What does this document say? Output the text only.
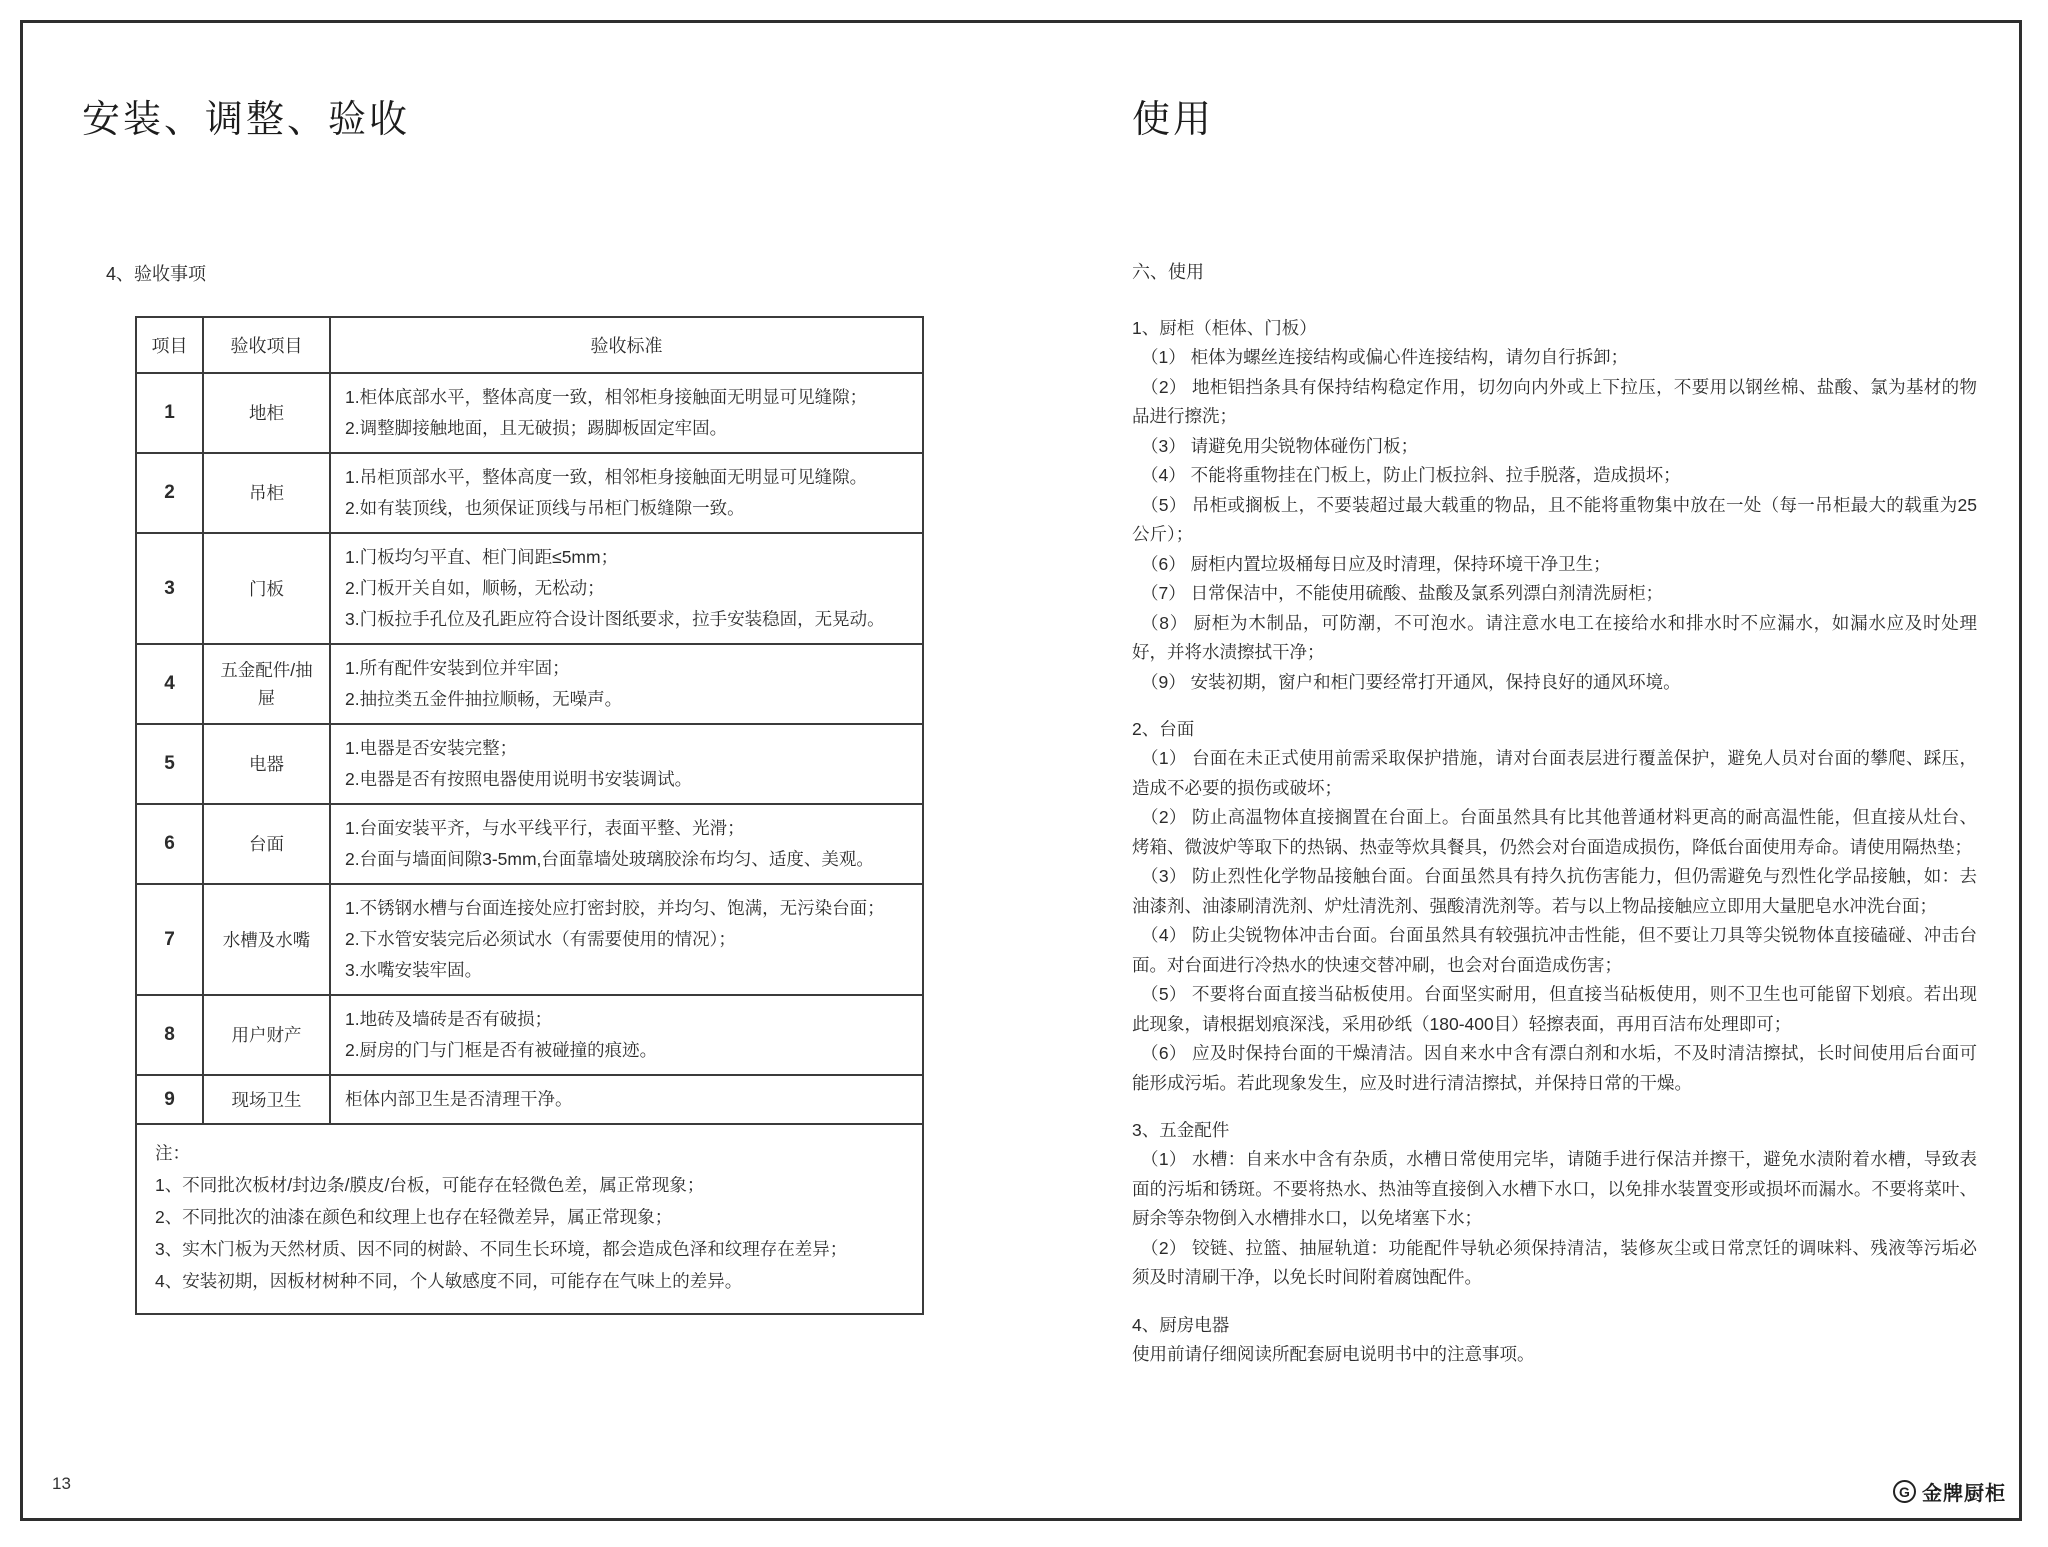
安装、调整、验收	使用
4、验收事项
项目	验收项目	验收标准
1	地柜	1.柜体底部水平，整体高度一致，相邻柜身接触面无明显可见缝隙；
2.调整脚接触地面，且无破损；踢脚板固定牢固。

2	吊柜	1.吊柜顶部水平，整体高度一致，相邻柜身接触面无明显可见缝隙。
2.如有装顶线，也须保证顶线与吊柜门板缝隙一致。

3	门板	1.门板均匀平直、柜门间距≤5mm；
2.门板开关自如，顺畅，无松动；
3.门板拉手孔位及孔距应符合设计图纸要求，拉手安装稳固，无晃动。

4	五金配件/抽屉	1.所有配件安装到位并牢固；
2.抽拉类五金件抽拉顺畅，无噪声。

5	电器	1.电器是否安装完整；
2.电器是否有按照电器使用说明书安装调试。

6	台面	1.台面安装平齐，与水平线平行，表面平整、光滑；
2.台面与墙面间隙3-5mm,台面靠墙处玻璃胶涂布均匀、适度、美观。

7	水槽及水嘴	1.不锈钢水槽与台面连接处应打密封胶，并均匀、饱满，无污染台面；
2.下水管安装完后必须试水（有需要使用的情况）；
3.水嘴安装牢固。

8	用户财产	1.地砖及墙砖是否有破损；
2.厨房的门与门框是否有被碰撞的痕迹。

9	现场卫生	柜体内部卫生是否清理干净。

注：
1、不同批次板材/封边条/膜皮/台板，可能存在轻微色差，属正常现象；
2、不同批次的油漆在颜色和纹理上也存在轻微差异，属正常现象；
3、实木门板为天然材质、因不同的树龄、不同生长环境，都会造成色泽和纹理存在差异；
4、安装初期，因板材树种不同，个人敏感度不同，可能存在气味上的差异。		
六、使用
1、厨柜（柜体、门板）

（1） 柜体为螺丝连接结构或偏心件连接结构，请勿自行拆卸；

（2） 地柜铝挡条具有保持结构稳定作用，切勿向内外或上下拉压，不要用以钢丝棉、盐酸、氯为基材的物品进行擦洗；

（3） 请避免用尖锐物体碰伤门板；

（4） 不能将重物挂在门板上，防止门板拉斜、拉手脱落，造成损坏；

（5） 吊柜或搁板上，不要装超过最大载重的物品，且不能将重物集中放在一处（每一吊柜最大的载重为25公斤）；

（6） 厨柜内置垃圾桶每日应及时清理，保持环境干净卫生；

（7） 日常保洁中，不能使用硫酸、盐酸及氯系列漂白剂清洗厨柜；

（8） 厨柜为木制品，可防潮，不可泡水。请注意水电工在接给水和排水时不应漏水，如漏水应及时处理好，并将水渍擦拭干净；

（9） 安装初期，窗户和柜门要经常打开通风，保持良好的通风环境。

2、台面

（1） 台面在未正式使用前需采取保护措施，请对台面表层进行覆盖保护，避免人员对台面的攀爬、踩压，造成不必要的损伤或破坏；

（2） 防止高温物体直接搁置在台面上。台面虽然具有比其他普通材料更高的耐高温性能，但直接从灶台、烤箱、微波炉等取下的热锅、热壶等炊具餐具，仍然会对台面造成损伤，降低台面使用寿命。请使用隔热垫；

（3） 防止烈性化学物品接触台面。台面虽然具有持久抗伤害能力，但仍需避免与烈性化学品接触，如：去油漆剂、油漆刷清洗剂、炉灶清洗剂、强酸清洗剂等。若与以上物品接触应立即用大量肥皂水冲洗台面；

（4） 防止尖锐物体冲击台面。台面虽然具有较强抗冲击性能，但不要让刀具等尖锐物体直接磕碰、冲击台面。对台面进行冷热水的快速交替冲刷，也会对台面造成伤害；

（5） 不要将台面直接当砧板使用。台面坚实耐用，但直接当砧板使用，则不卫生也可能留下划痕。若出现此现象，请根据划痕深浅，采用砂纸（180-400目）轻擦表面，再用百洁布处理即可；

（6） 应及时保持台面的干燥清洁。因自来水中含有漂白剂和水垢，不及时清洁擦拭，长时间使用后台面可能形成污垢。若此现象发生，应及时进行清洁擦拭，并保持日常的干燥。

3、五金配件

（1） 水槽：自来水中含有杂质，水槽日常使用完毕，请随手进行保洁并擦干，避免水渍附着水槽，导致表面的污垢和锈斑。不要将热水、热油等直接倒入水槽下水口，以免排水装置变形或损坏而漏水。不要将菜叶、厨余等杂物倒入水槽排水口，以免堵塞下水；

（2） 铰链、拉篮、抽屉轨道：功能配件导轨必须保持清洁，装修灰尘或日常烹饪的调味料、残液等污垢必须及时清刷干净，以免长时间附着腐蚀配件。

4、厨房电器

使用前请仔细阅读所配套厨电说明书中的注意事项。

13	G 金牌厨柜
